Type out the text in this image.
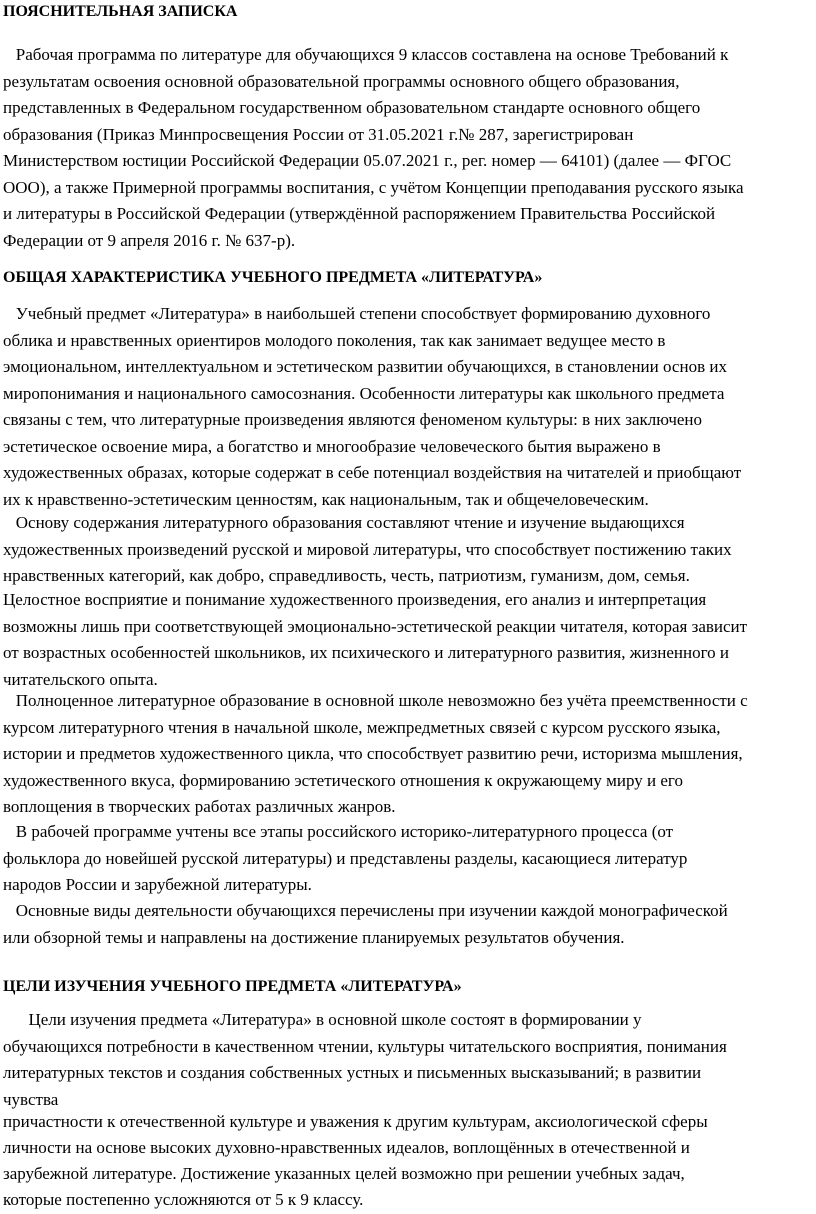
ПОЯСНИТЕЛЬНАЯ ЗАПИСКА
Рабочая программа по литературе для обучающихся 9 классов составлена на основе Требований к
результатам освоения основной образовательной программы основного общего образования,
представленных в Федеральном государственном образовательном стандарте основного общего
образования (Приказ Минпросвещения России от 31.05.2021 г.№ 287, зарегистрирован
Министерством юстиции Российской Федерации 05.07.2021 г., рег. номер — 64101) (далее — ФГОС
ООО), а также Примерной программы воспитания, с учётом Концепции преподавания русского языка
и литературы в Российской Федерации (утверждённой распоряжением Правительства Российской
Федерации от 9 апреля 2016 г. № 637-р).
ОБЩАЯ ХАРАКТЕРИСТИКА УЧЕБНОГО ПРЕДМЕТА «ЛИТЕРАТУРА»
Учебный предмет «Литература» в наибольшей степени способствует формированию духовного
облика и нравственных ориентиров молодого поколения, так как занимает ведущее место в
эмоциональном, интеллектуальном и эстетическом развитии обучающихся, в становлении основ их
миропонимания и национального самосознания. Особенности литературы как школьного предмета
связаны с тем, что литературные произведения являются феноменом культуры: в них заключено
эстетическое освоение мира, а богатство и многообразие человеческого бытия выражено в
художественных образах, которые содержат в себе потенциал воздействия на читателей и приобщают
их к нравственно-эстетическим ценностям, как национальным, так и общечеловеческим.
Основу содержания литературного образования составляют чтение и изучение выдающихся
художественных произведений русской и мировой литературы, что способствует постижению таких
нравственных категорий, как добро, справедливость, честь, патриотизм, гуманизм, дом, семья.
Целостное восприятие и понимание художественного произведения, его анализ и интерпретация
возможны лишь при соответствующей эмоционально-эстетической реакции читателя, которая зависит
от возрастных особенностей школьников, их психического и литературного развития, жизненного и
читательского опыта.
Полноценное литературное образование в основной школе невозможно без учёта преемственности с
курсом литературного чтения в начальной школе, межпредметных связей с курсом русского языка,
истории и предметов художественного цикла, что способствует развитию речи, историзма мышления,
художественного вкуса, формированию эстетического отношения к окружающему миру и его
воплощения в творческих работах различных жанров.
В рабочей программе учтены все этапы российского историко-литературного процесса (от
фольклора до новейшей русской литературы) и представлены разделы, касающиеся литератур
народов России и зарубежной литературы.
Основные виды деятельности обучающихся перечислены при изучении каждой монографической
или обзорной темы и направлены на достижение планируемых результатов обучения.
ЦЕЛИ ИЗУЧЕНИЯ УЧЕБНОГО ПРЕДМЕТА «ЛИТЕРАТУРА»
Цели изучения предмета «Литература» в основной школе состоят в формировании у
обучающихся потребности в качественном чтении, культуры читательского восприятия, понимания
литературных текстов и создания собственных устных и письменных высказываний; в развитии
чувства
причастности к отечественной культуре и уважения к другим культурам, аксиологической сферы
личности на основе высоких духовно-нравственных идеалов, воплощённых в отечественной и
зарубежной литературе. Достижение указанных целей возможно при решении учебных задач,
которые постепенно усложняются от 5 к 9 классу.
